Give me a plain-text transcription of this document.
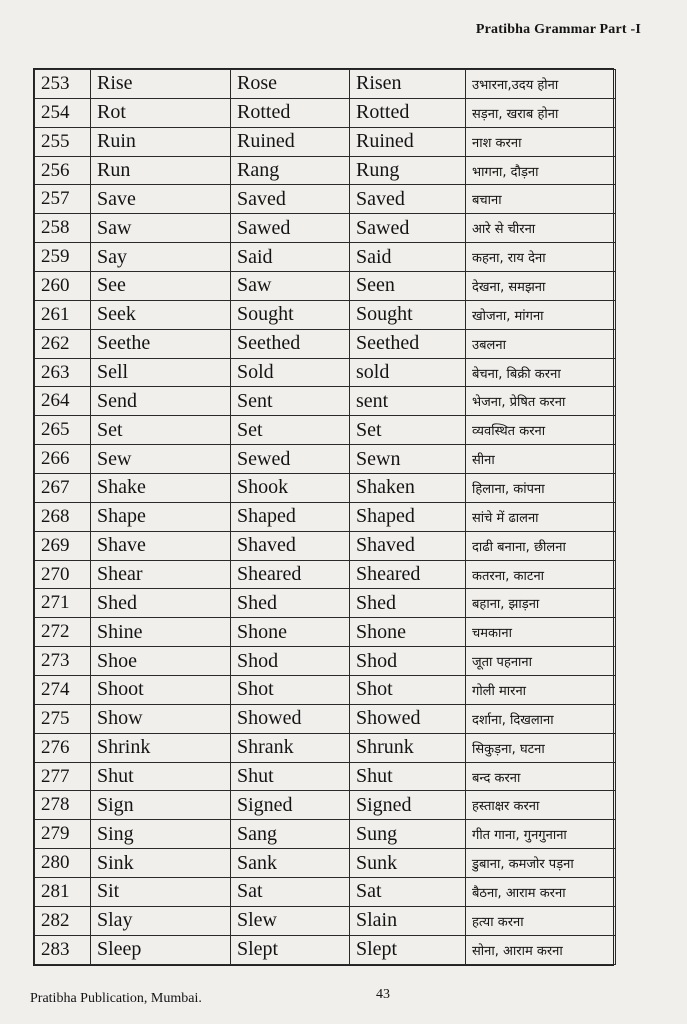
Pratibha Grammar Part -I
253	Rise	Rose	Risen	उभारना,उदय होना
254	Rot	Rotted	Rotted	सड़ना, खराब होना
255	Ruin	Ruined	Ruined	नाश करना
256	Run	Rang	Rung	भागना, दौड़ना
257	Save	Saved	Saved	बचाना
258	Saw	Sawed	Sawed	आरे से चीरना
259	Say	Said	Said	कहना, राय देना
260	See	Saw	Seen	देखना, समझना
261	Seek	Sought	Sought	खोजना, मांगना
262	Seethe	Seethed	Seethed	उबलना
263	Sell	Sold	sold	बेचना, बिक्री करना
264	Send	Sent	sent	भेजना, प्रेषित करना
265	Set	Set	Set	व्यवस्थित करना
266	Sew	Sewed	Sewn	सीना
267	Shake	Shook	Shaken	हिलाना, कांपना
268	Shape	Shaped	Shaped	सांचे में ढालना
269	Shave	Shaved	Shaved	दाढी बनाना, छीलना
270	Shear	Sheared	Sheared	कतरना, काटना
271	Shed	Shed	Shed	बहाना, झाड़ना
272	Shine	Shone	Shone	चमकाना
273	Shoe	Shod	Shod	जूता पहनाना
274	Shoot	Shot	Shot	गोली मारना
275	Show	Showed	Showed	दर्शाना, दिखलाना
276	Shrink	Shrank	Shrunk	सिकुड़ना, घटना
277	Shut	Shut	Shut	बन्द करना
278	Sign	Signed	Signed	हस्ताक्षर करना
279	Sing	Sang	Sung	गीत गाना, गुनगुनाना
280	Sink	Sank	Sunk	डुबाना, कमजोर पड़ना
281	Sit	Sat	Sat	बैठना, आराम करना
282	Slay	Slew	Slain	हत्या करना
283	Sleep	Slept	Slept	सोना, आराम करना
Pratibha Publication, Mumbai.	43
